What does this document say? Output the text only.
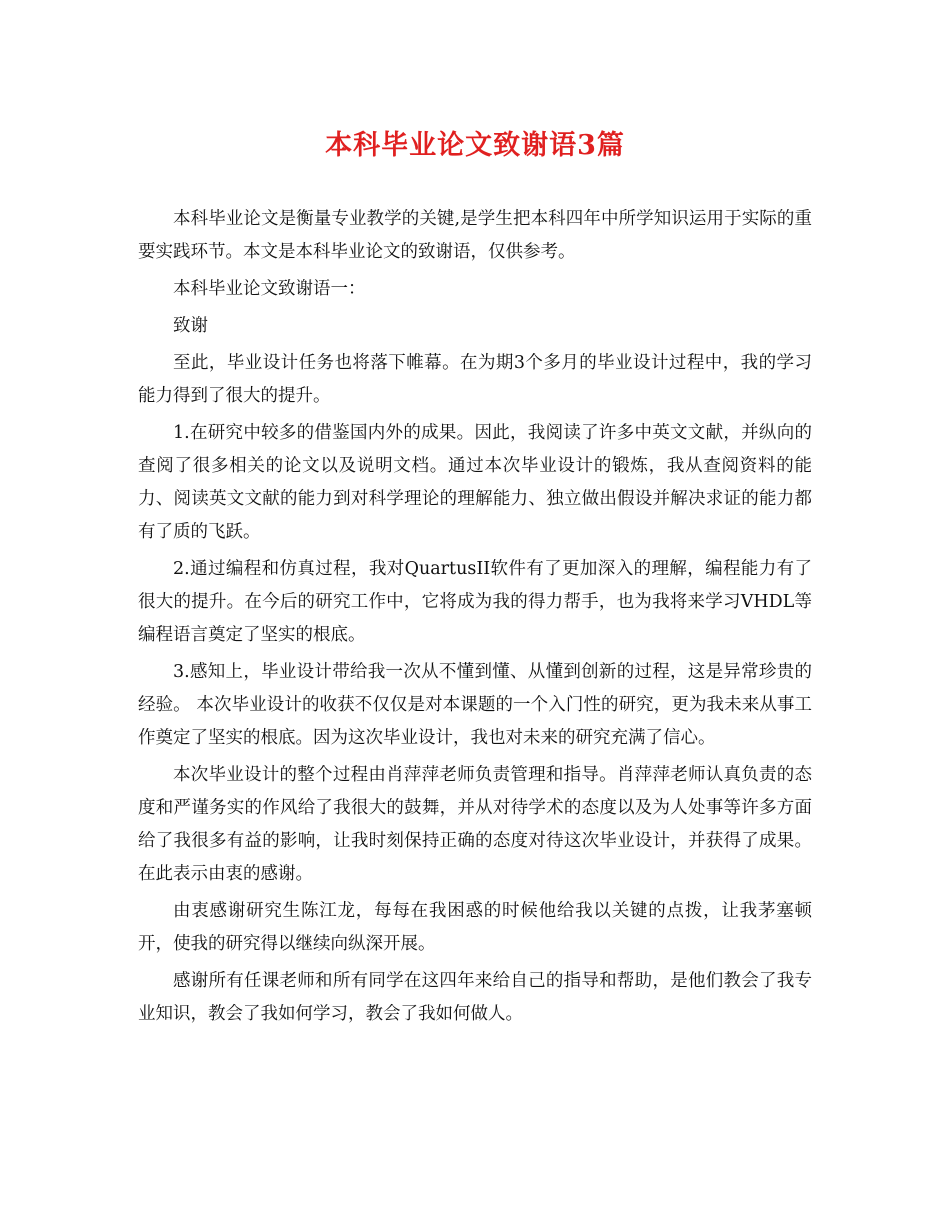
本科毕业论文致谢语3篇

本科毕业论文是衡量专业教学的关键,是学生把本科四年中所学知识运用于实际的重要实践环节。本文是本科毕业论文的致谢语，仅供参考。

本科毕业论文致谢语一：

致谢

至此，毕业设计任务也将落下帷幕。在为期3个多月的毕业设计过程中，我的学习能力得到了很大的提升。

1.在研究中较多的借鉴国内外的成果。因此，我阅读了许多中英文文献，并纵向的查阅了很多相关的论文以及说明文档。通过本次毕业设计的锻炼，我从查阅资料的能力、阅读英文文献的能力到对科学理论的理解能力、独立做出假设并解决求证的能力都有了质的飞跃。

2.通过编程和仿真过程，我对QuartusII软件有了更加深入的理解，编程能力有了很大的提升。在今后的研究工作中，它将成为我的得力帮手，也为我将来学习VHDL等编程语言奠定了坚实的根底。

3.感知上，毕业设计带给我一次从不懂到懂、从懂到创新的过程，这是异常珍贵的经验。 本次毕业设计的收获不仅仅是对本课题的一个入门性的研究，更为我未来从事工作奠定了坚实的根底。因为这次毕业设计，我也对未来的研究充满了信心。

本次毕业设计的整个过程由肖萍萍老师负责管理和指导。肖萍萍老师认真负责的态度和严谨务实的作风给了我很大的鼓舞，并从对待学术的态度以及为人处事等许多方面给了我很多有益的影响，让我时刻保持正确的态度对待这次毕业设计，并获得了成果。在此表示由衷的感谢。

由衷感谢研究生陈江龙，每每在我困惑的时候他给我以关键的点拨，让我茅塞顿开，使我的研究得以继续向纵深开展。

感谢所有任课老师和所有同学在这四年来给自己的指导和帮助，是他们教会了我专业知识，教会了我如何学习，教会了我如何做人。
